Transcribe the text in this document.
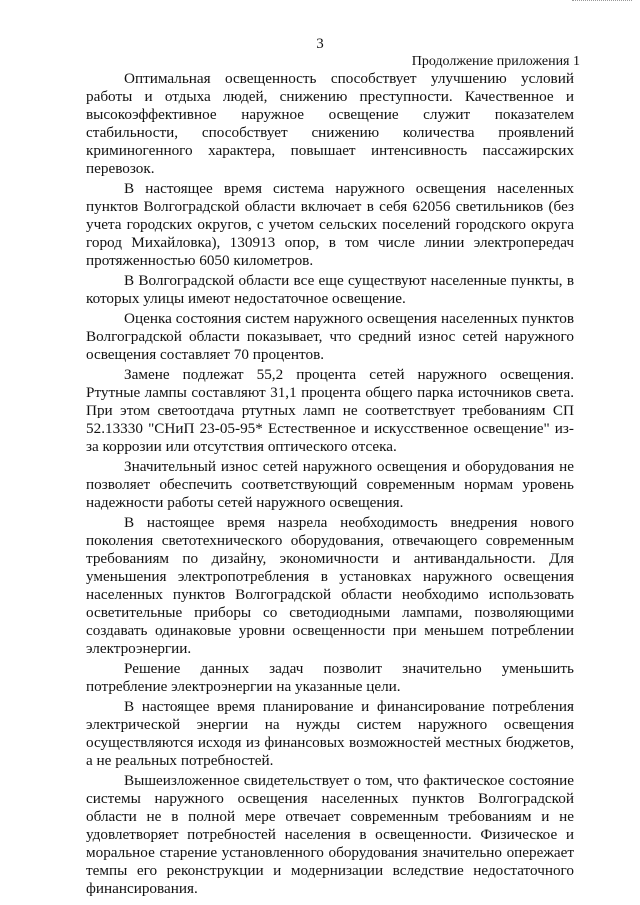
3
Продолжение приложения 1

Оптимальная освещенность способствует улучшению условий работы и отдыха людей, снижению преступности. Качественное и высокоэффективное наружное освещение служит показателем стабильности, способствует снижению количества проявлений криминогенного характера, повышает интенсивность пассажирских перевозок.

В настоящее время система наружного освещения населенных пунктов Волгоградской области включает в себя 62056 светильников (без учета городских округов, с учетом сельских поселений городского округа город Михайловка), 130913 опор, в том числе линии электропередач протяженностью 6050 километров.

В Волгоградской области все еще существуют населенные пункты, в которых улицы имеют недостаточное освещение.

Оценка состояния систем наружного освещения населенных пунктов Волгоградской области показывает, что средний износ сетей наружного освещения составляет 70 процентов.

Замене подлежат 55,2 процента сетей наружного освещения. Ртутные лампы составляют 31,1 процента общего парка источников света. При этом светоотдача ртутных ламп не соответствует требованиям СП 52.13330 "СНиП 23-05-95* Естественное и искусственное освещение" из-за коррозии или отсутствия оптического отсека.

Значительный износ сетей наружного освещения и оборудования не позволяет обеспечить соответствующий современным нормам уровень надежности работы сетей наружного освещения.

В настоящее время назрела необходимость внедрения нового поколения светотехнического оборудования, отвечающего современным требованиям по дизайну, экономичности и антивандальности. Для уменьшения электропотребления в установках наружного освещения населенных пунктов Волгоградской области необходимо использовать осветительные приборы со светодиодными лампами, позволяющими создавать одинаковые уровни освещенности при меньшем потреблении электроэнергии.

Решение данных задач позволит значительно уменьшить потребление электроэнергии на указанные цели.

В настоящее время планирование и финансирование потребления электрической энергии на нужды систем наружного освещения осуществляются исходя из финансовых возможностей местных бюджетов, а не реальных потребностей.

Вышеизложенное свидетельствует о том, что фактическое состояние системы наружного освещения населенных пунктов Волгоградской области не в полной мере отвечает современным требованиям и не удовлетворяет потребностей населения в освещенности. Физическое и моральное старение установленного оборудования значительно опережает темпы его реконструкции и модернизации вследствие недостаточного финансирования.
